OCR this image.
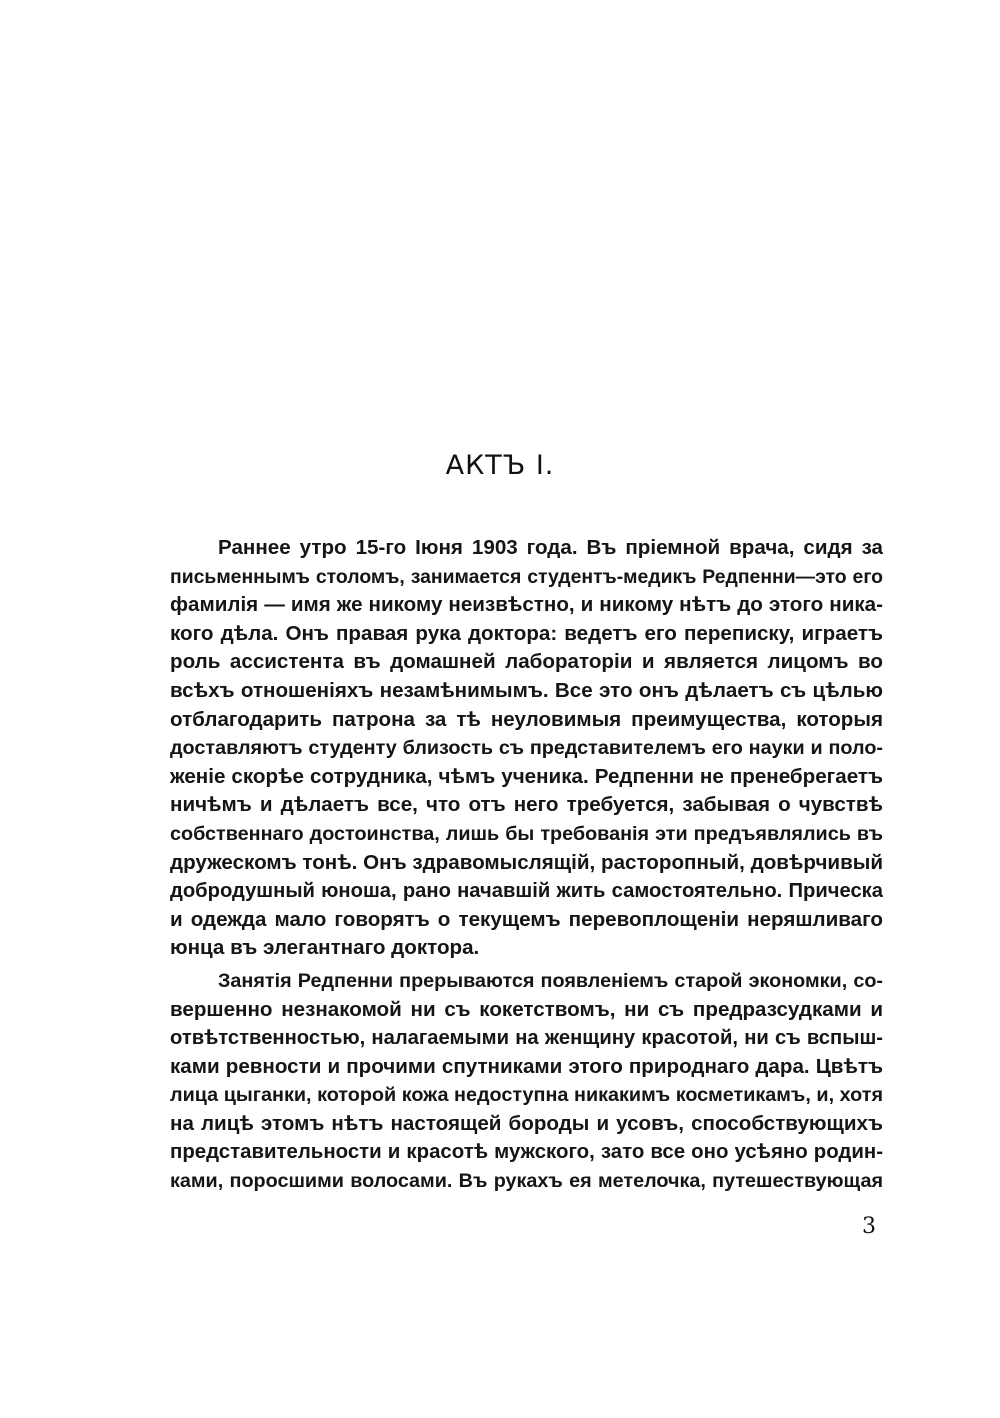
АКТЪ I.
Раннее утро 15-го Іюня 1903 года. Въ пріемной врача, сидя за
письменнымъ столомъ, занимается студентъ-медикъ Редпенни—это его
фамилія — имя же никому неизвѣстно, и никому нѣтъ до этого ника-
кого дѣла. Онъ правая рука доктора: ведетъ его переписку, играетъ
роль ассистента въ домашней лабораторіи и является лицомъ во
всѣхъ отношеніяхъ незамѣнимымъ. Все это онъ дѣлаетъ съ цѣлью
отблагодарить патрона за тѣ неуловимыя преимущества, которыя
доставляютъ студенту близость съ представителемъ его науки и поло-
женіе скорѣе сотрудника, чѣмъ ученика. Редпенни не пренебрегаетъ
ничѣмъ и дѣлаетъ все, что отъ него требуется, забывая о чувствѣ
собственнаго достоинства, лишь бы требованія эти предъявлялись въ
дружескомъ тонѣ. Онъ здравомыслящій, расторопный, довѣрчивый
добродушный юноша, рано начавшій жить самостоятельно. Прическа
и одежда мало говорятъ о текущемъ перевоплощеніи неряшливаго
юнца въ элегантнаго доктора.
Занятія Редпенни прерываются появленіемъ старой экономки, со-
вершенно незнакомой ни съ кокетствомъ, ни съ предразсудками и
отвѣтственностью, налагаемыми на женщину красотой, ни съ вспыш-
ками ревности и прочими спутниками этого природнаго дара. Цвѣтъ
лица цыганки, которой кожа недоступна никакимъ косметикамъ, и, хотя
на лицѣ этомъ нѣтъ настоящей бороды и усовъ, способствующихъ
представительности и красотѣ мужского, зато все оно усѣяно родин-
ками, поросшими волосами. Въ рукахъ ея метелочка, путешествующая
3
